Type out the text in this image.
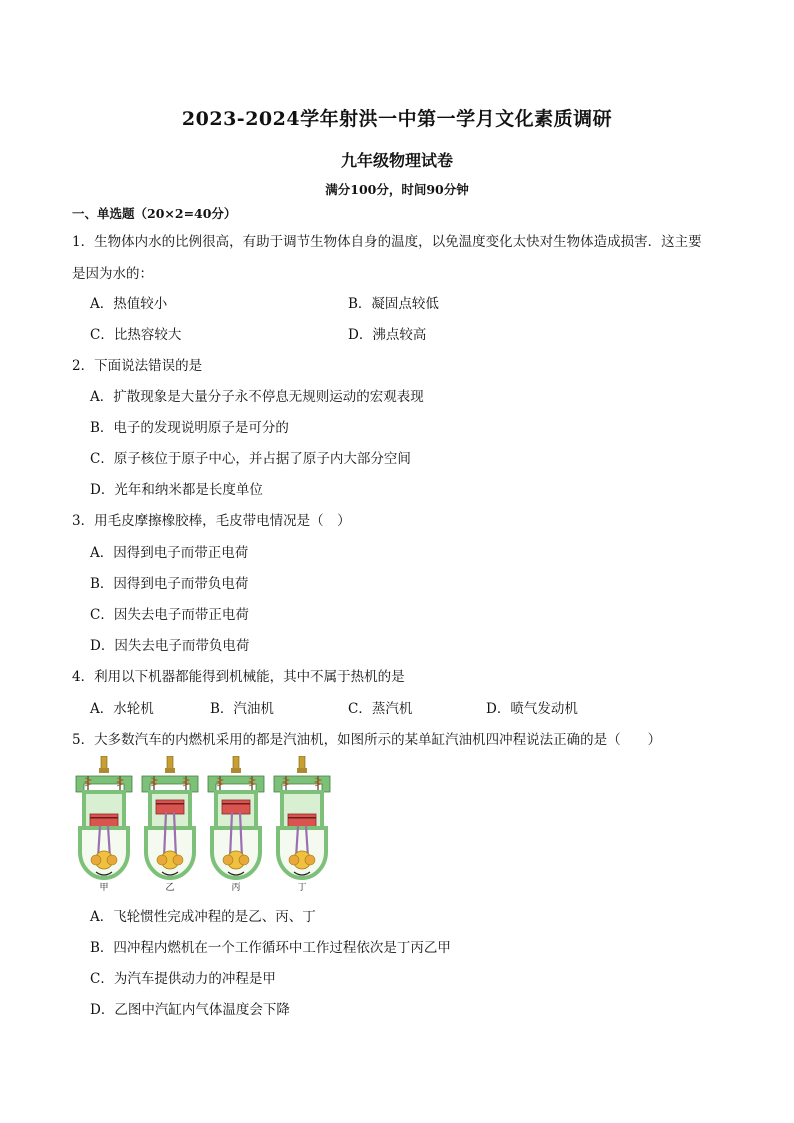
2023-2024学年射洪一中第一学月文化素质调研
九年级物理试卷
满分100分，时间90分钟
一、单选题（20×2=40分）
1．生物体内水的比例很高，有助于调节生物体自身的温度，以免温度变化太快对生物体造成损害．这主要
是因为水的：
A．热值较小	B．凝固点较低
C．比热容较大	D．沸点较高
2．下面说法错误的是
A．扩散现象是大量分子永不停息无规则运动的宏观表现
B．电子的发现说明原子是可分的
C．原子核位于原子中心，并占据了原子内大部分空间
D．光年和纳米都是长度单位
3．用毛皮摩擦橡胶棒，毛皮带电情况是（　）
A．因得到电子而带正电荷
B．因得到电子而带负电荷
C．因失去电子而带正电荷
D．因失去电子而带负电荷
4．利用以下机器都能得到机械能，其中不属于热机的是
A．水轮机	B．汽油机	C．蒸汽机	D．喷气发动机
5．大多数汽车的内燃机采用的都是汽油机，如图所示的某单缸汽油机四冲程说法正确的是（　　）
甲	乙	丙	丁
A．飞轮惯性完成冲程的是乙、丙、丁
B．四冲程内燃机在一个工作循环中工作过程依次是丁丙乙甲
C．为汽车提供动力的冲程是甲
D．乙图中汽缸内气体温度会下降
